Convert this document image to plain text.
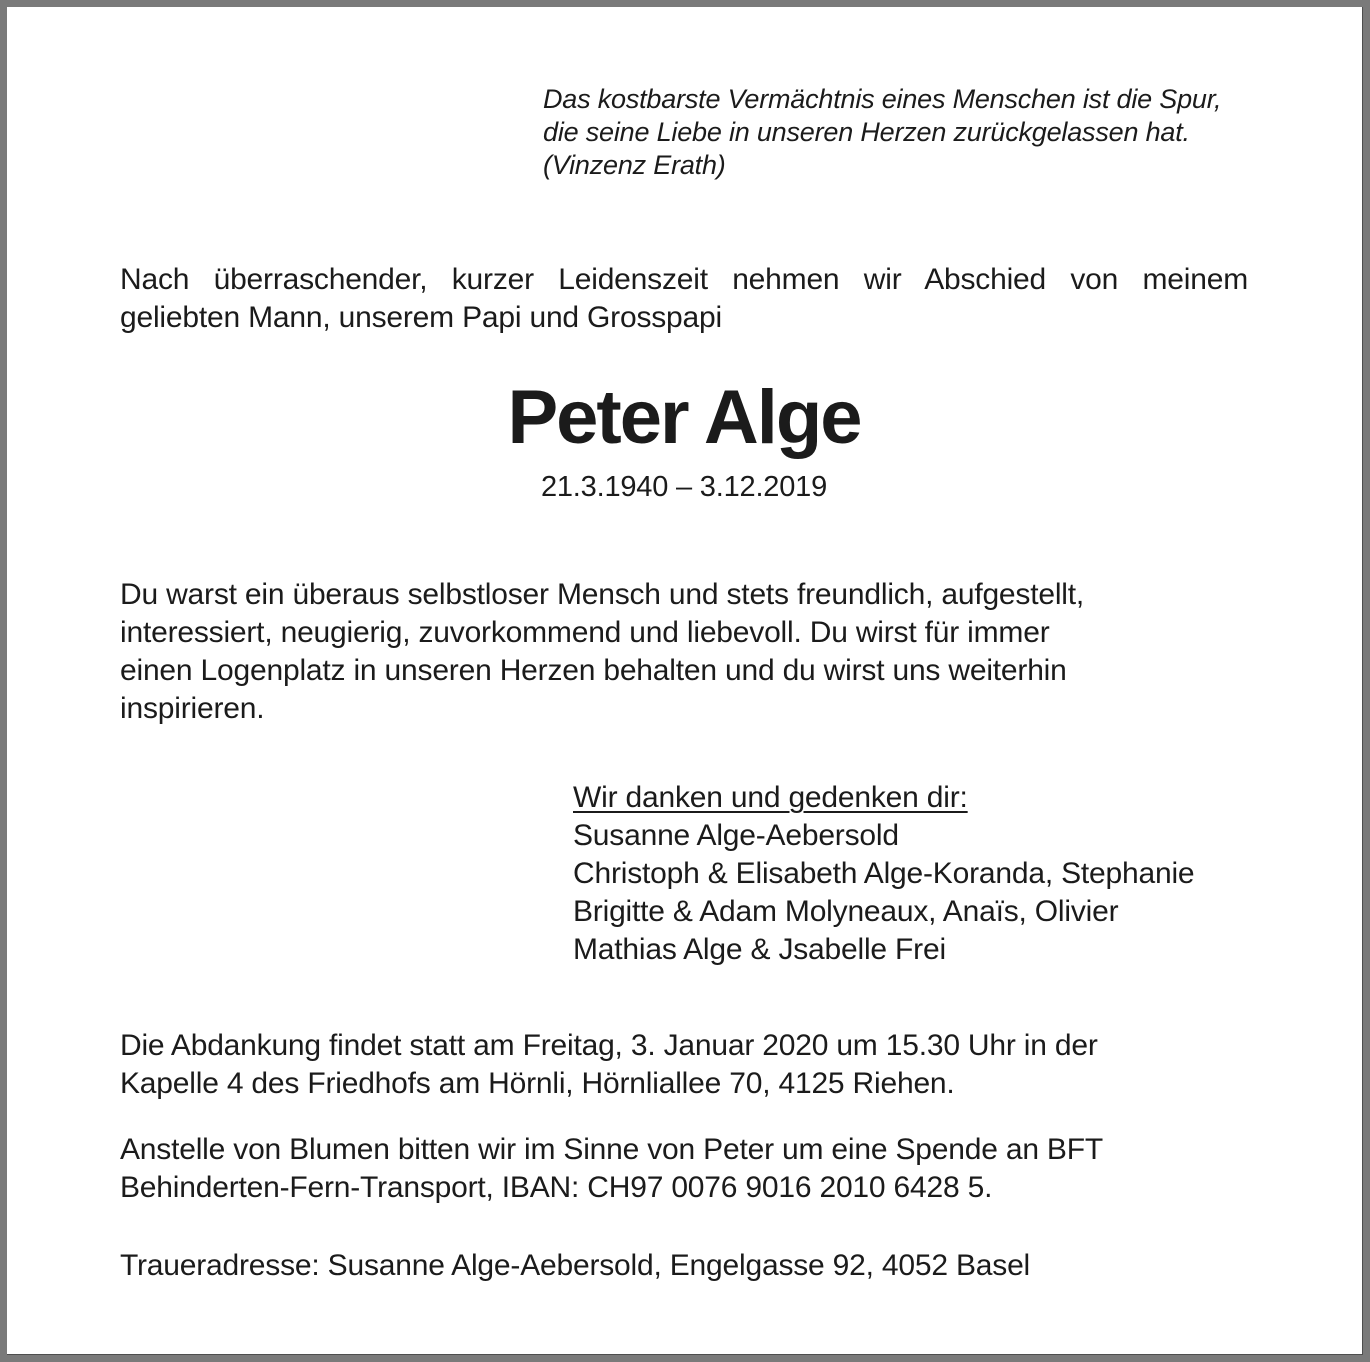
Das kostbarste Vermächtnis eines Menschen ist die Spur,
die seine Liebe in unseren Herzen zurückgelassen hat.
(Vinzenz Erath)
Nach überraschender, kurzer Leidenszeit nehmen wir Abschied von meinem
geliebten Mann, unserem Papi und Grosspapi
Peter Alge
21.3.1940 – 3.12.2019
Du warst ein überaus selbstloser Mensch und stets freundlich, aufgestellt,
interessiert, neugierig, zuvorkommend und liebevoll. Du wirst für immer
einen Logenplatz in unseren Herzen behalten und du wirst uns weiterhin
inspirieren.
Wir danken und gedenken dir:
Susanne Alge-Aebersold
Christoph & Elisabeth Alge-Koranda, Stephanie
Brigitte & Adam Molyneaux, Anaïs, Olivier
Mathias Alge & Jsabelle Frei
Die Abdankung findet statt am Freitag, 3. Januar 2020 um 15.30 Uhr in der
Kapelle 4 des Friedhofs am Hörnli, Hörnliallee 70, 4125 Riehen.
Anstelle von Blumen bitten wir im Sinne von Peter um eine Spende an BFT
Behinderten-Fern-Transport, IBAN: CH97 0076 9016 2010 6428 5.
Traueradresse: Susanne Alge-Aebersold, Engelgasse 92, 4052 Basel
